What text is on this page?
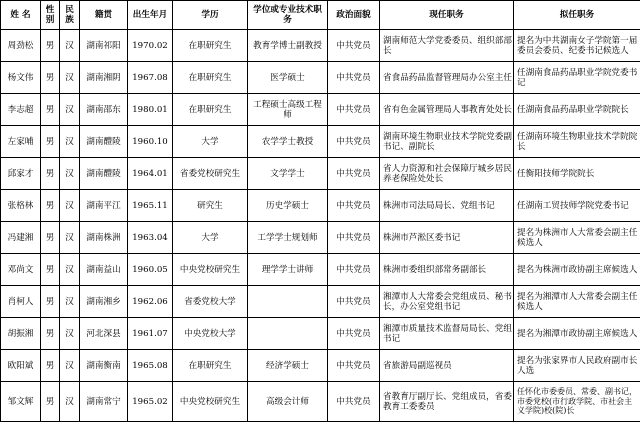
姓 名	性别	民族	籍贯	出生年月	学历	学位或专业技术职务	政治面貌	现任职务	拟任职务
周劲松	男	汉	湖南祁阳	1970.02	在职研究生	教育学博士副教授	中共党员	湖南师范大学党委委员、组织部部长	提名为中共湖南女子学院第一届委员会委员、纪委书记候选人
杨文伟	男	汉	湖南湘阴	1967.08	在职研究生	医学硕士	中共党员	省食品药品监督管理局办公室主任	任湖南食品药品职业学院党委书记
李志超	男	汉	湖南邵东	1980.01	在职研究生	工程硕士高级工程师	中共党员	省有色金属管理局人事教育处处长	任湖南食品药品职业学院院长
左家哺	男	汉	湖南醴陵	1960.10	大学	农学学士教授	中共党员	湖南环境生物职业技术学院党委副书记、副院长	任湖南环境生物职业技术学院院长
邱家才	男	汉	湖南醴陵	1964.01	省委党校研究生	文学学士	中共党员	省人力资源和社会保障厅城乡居民养老保险处处长	任衡阳技师学院院长
张格林	男	汉	湖南平江	1965.11	研究生	历史学硕士	中共党员	株洲市司法局局长、党组书记	任湖南工贸技师学院党委书记
冯建湘	男	汉	湖南株洲	1963.04	大学	工学学士规划师	中共党员	株洲市芦淞区委书记	提名为株洲市人大常委会副主任候选人
邓尚文	男	汉	湖南益山	1960.05	中央党校研究生	理学学士讲师	中共党员	株洲市委组织部常务副部长	提名为株洲市政协副主席候选人
肖柯人	男	汉	湖南湘乡	1962.06	省委党校大学		中共党员	湘潭市人大常委会党组成员、秘书长，办公室党组书记	提名为湘潭市人大常委会副主任候选人
胡振湘	男	汉	河北深县	1961.07	中央党校大学		中共党员	湘潭市质量技术监督局局长、党组书记	提名为湘潭市政协副主席候选人
欧阳斌	男	汉	湖南衡南	1965.08	在职研究生	经济学硕士	中共党员	省旅游局副巡视员	提名为张家界市人民政府副市长人选
邹文辉	男	汉	湖南常宁	1965.02	中央党校研究生	高级会计师	中共党员	省教育厅副厅长、党组成员，省委教育工委委员	任怀化市委委员、常委、副书记，市委党校(市行政学院、市社会主义学院)校(院)长
